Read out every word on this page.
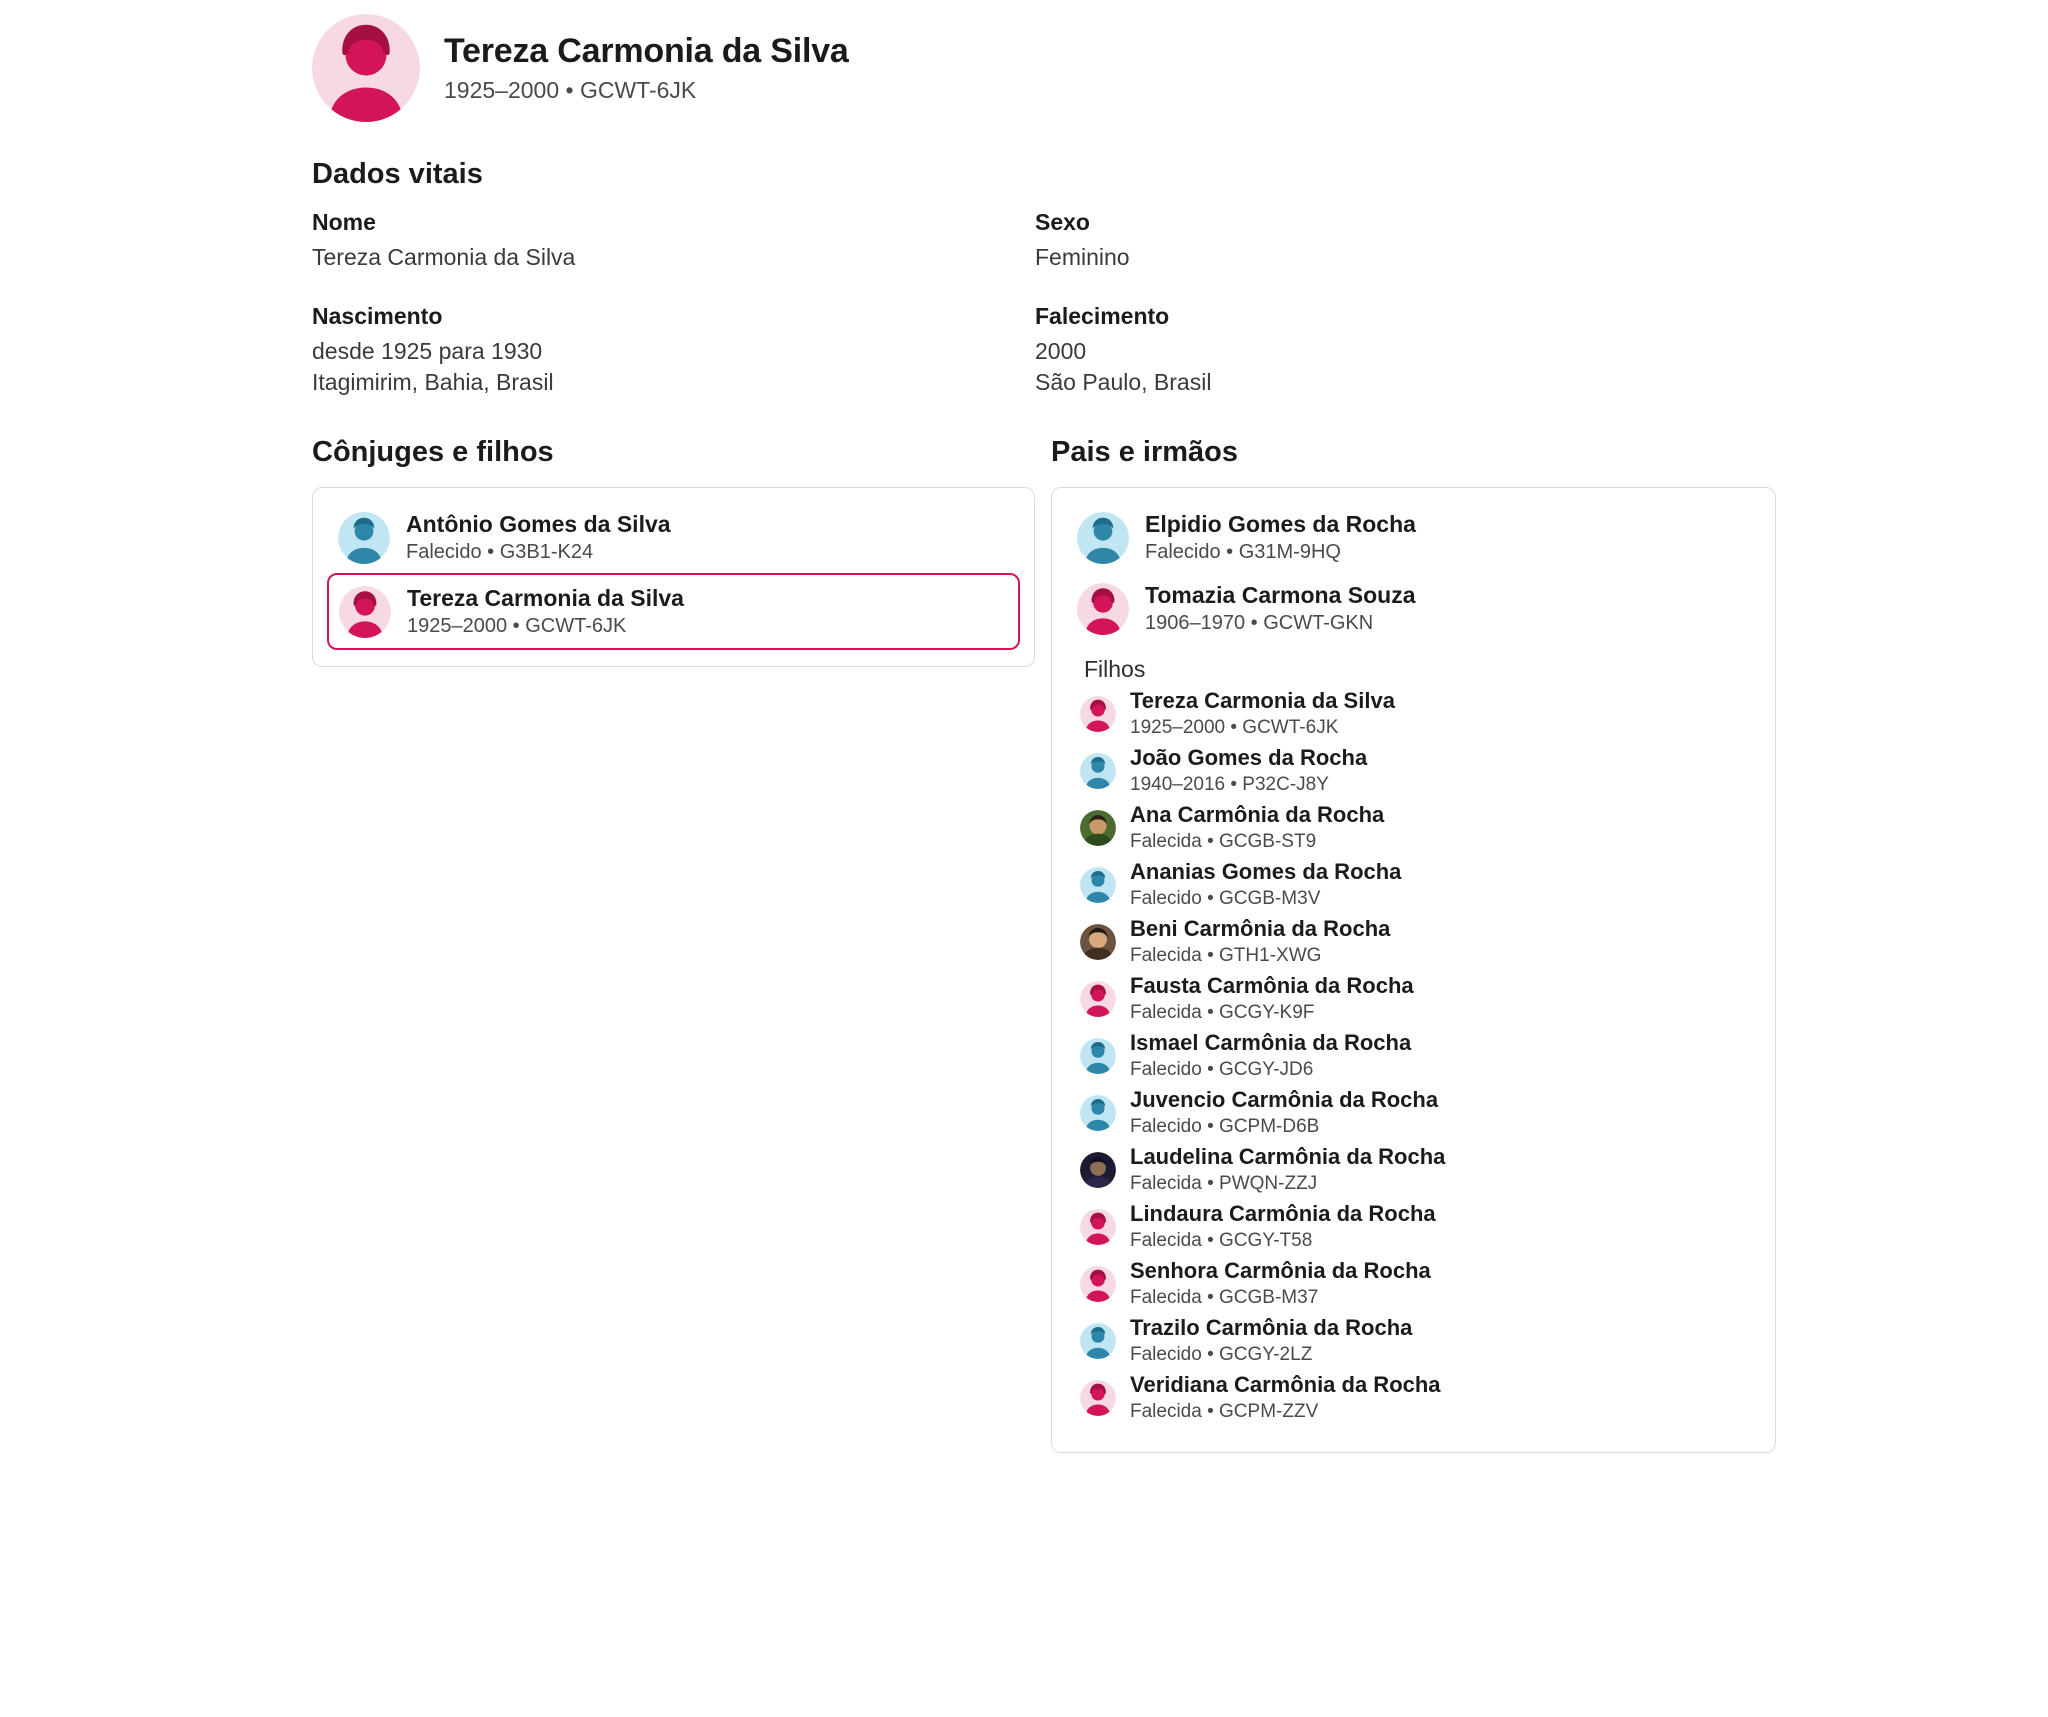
Tereza Carmonia da Silva
1925–2000 • GCWT-6JK
Dados vitais
Nome
Tereza Carmonia da Silva
Sexo
Feminino
Nascimento
desde 1925 para 1930
Itagimirim, Bahia, Brasil
Falecimento
2000
São Paulo, Brasil
Cônjuges e filhos
Antônio Gomes da Silva
Falecido • G3B1-K24
Tereza Carmonia da Silva
1925–2000 • GCWT-6JK
Pais e irmãos
Elpidio Gomes da Rocha
Falecido • G31M-9HQ
Tomazia Carmona Souza
1906–1970 • GCWT-GKN
Filhos
Tereza Carmonia da Silva
1925–2000 • GCWT-6JK
João Gomes da Rocha
1940–2016 • P32C-J8Y
Ana Carmônia da Rocha
Falecida • GCGB-ST9
Ananias Gomes da Rocha
Falecido • GCGB-M3V
Beni Carmônia da Rocha
Falecida • GTH1-XWG
Fausta Carmônia da Rocha
Falecida • GCGY-K9F
Ismael Carmônia da Rocha
Falecido • GCGY-JD6
Juvencio Carmônia da Rocha
Falecido • GCPM-D6B
Laudelina Carmônia da Rocha
Falecida • PWQN-ZZJ
Lindaura Carmônia da Rocha
Falecida • GCGY-T58
Senhora Carmônia da Rocha
Falecida • GCGB-M37
Trazilo Carmônia da Rocha
Falecido • GCGY-2LZ
Veridiana Carmônia da Rocha
Falecida • GCPM-ZZV
